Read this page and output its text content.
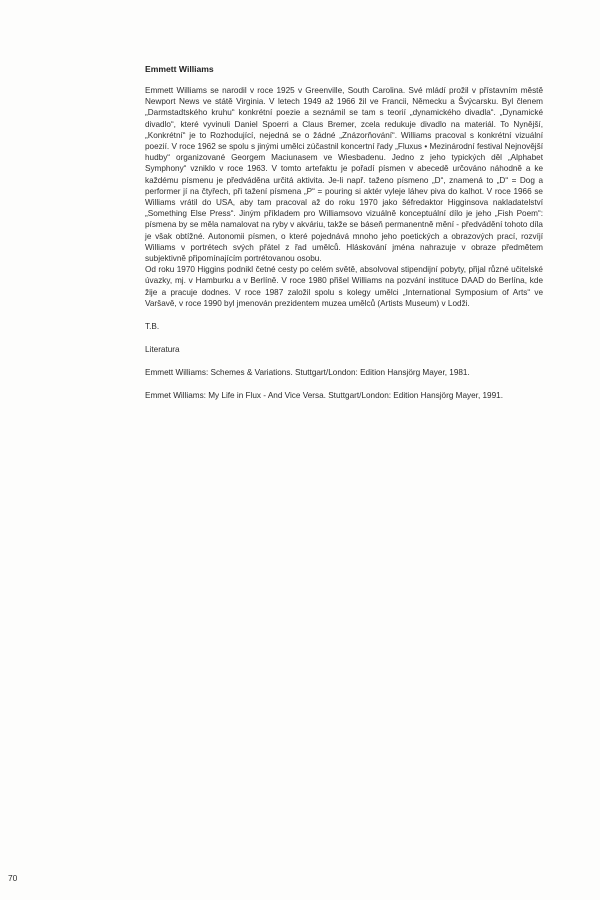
Emmett Williams

Emmett Williams se narodil v roce 1925 v Greenville, South Carolina. Své mládí prožil v přístavním městě Newport News ve státě Virginia. V letech 1949 až 1966 žil ve Francii, Německu a Švýcarsku. Byl členem „Darmstadtského kruhu“ konkrétní poezie a seznámil se tam s teorií „dynamického divadla“. „Dynamické divadlo“, které vyvinuli Daniel Spoerri a Claus Bremer, zcela redukuje divadlo na materiál. To Nynější, „Konkrétní“ je to Rozhodující, nejedná se o žádné „Znázorňování“. Williams pracoval s konkrétní vizuální poezií. V roce 1962 se spolu s jinými umělci zúčastnil koncertní řady „Fluxus • Mezinárodní festival Nejnovější hudby“ organizované Georgem Maciunasem ve Wiesbadenu. Jedno z jeho typických děl „Alphabet Symphony“ vzniklo v roce 1963. V tomto artefaktu je pořadí písmen v abecedě určováno náhodně a ke každému písmenu je předváděna určitá aktivita. Je-li např. taženo písmeno „D“, znamená to „D“ = Dog a performer jí na čtyřech, při tažení písmena „P“ = pouring si aktér vyleje láhev piva do kalhot. V roce 1966 se Williams vrátil do USA, aby tam pracoval až do roku 1970 jako šéfredaktor Higginsova nakladatelství „Something Else Press“. Jiným příkladem pro Williamsovo vizuálně konceptuální dílo je jeho „Fish Poem“: písmena by se měla namalovat na ryby v akváriu, takže se báseň permanentně mění - předvádění tohoto díla je však obtížné. Autonomii písmen, o které pojednává mnoho jeho poetických a obrazových prací, rozvíjí Williams v portrétech svých přátel z řad umělců. Hláskování jména nahrazuje v obraze předmětem subjektivně připomínajícím portrétovanou osobu.

Od roku 1970 Higgins podnikl četné cesty po celém světě, absolvoval stipendijní pobyty, přijal různé učitelské úvazky, mj. v Hamburku a v Berlíně. V roce 1980 přišel Williams na pozvání instituce DAAD do Berlína, kde žije a pracuje dodnes. V roce 1987 založil spolu s kolegy umělci „International Symposium of Arts“ ve Varšavě, v roce 1990 byl jmenován prezidentem muzea umělců (Artists Museum) v Lodži.

T.B.
Literatura
Emmett Williams: Schemes & Variations. Stuttgart/London: Edition Hansjörg Mayer, 1981.
Emmet Williams: My Life in Flux - And Vice Versa. Stuttgart/London: Edition Hansjörg Mayer, 1991.
70
